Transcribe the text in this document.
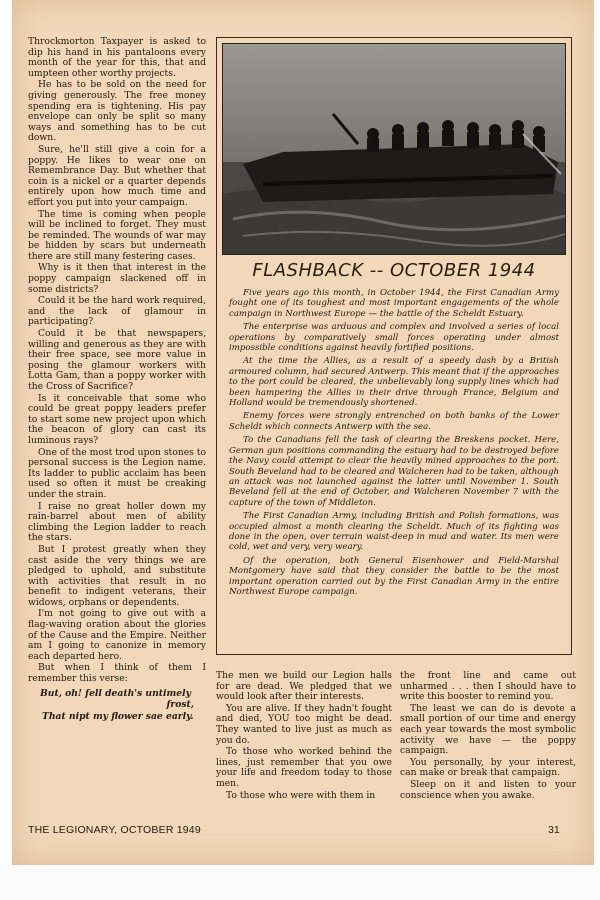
Throckmorton Taxpayer is asked to dip his hand in his pantaloons every month of the year for this, that and umpteen other worthy projects.

He has to be sold on the need for giving generously. The free money spending era is tightening. His pay envelope can only be split so many ways and something has to be cut down.

Sure, he'll still give a coin for a poppy. He likes to wear one on Remembrance Day. But whether that coin is a nickel or a quarter depends entirely upon how much time and effort you put into your campaign.

The time is coming when people will be inclined to forget. They must be reminded. The wounds of war may be hidden by scars but underneath there are still many festering cases.

Why is it then that interest in the poppy campaign slackened off in some districts?

Could it be the hard work required, and the lack of glamour in participating?

Could it be that newspapers, willing and generous as they are with their free space, see more value in posing the glamour workers with Lotta Gam, than a poppy worker with the Cross of Sacrifice?

Is it conceivable that some who could be great poppy leaders prefer to start some new project upon which the beacon of glory can cast its luminous rays?

One of the most trod upon stones to personal success is the Legion name. Its ladder to public acclaim has been used so often it must be creaking under the strain.

I raise no great holler down my rain-barrel about men of ability climbing the Legion ladder to reach the stars.

But I protest greatly when they cast aside the very things we are pledged to uphold, and substitute with activities that result in no benefit to indigent veterans, their widows, orphans or dependents.

I'm not going to give out with a flag-waving oration about the glories of the Cause and the Empire. Neither am I going to canonize in memory each departed hero.

But when I think of them I remember this verse:

But, oh! fell death's untimely
frost,
That nipt my flower sae early.
FLASHBACK -- OCTOBER 1944

Five years ago this month, in October 1944, the First Canadian Army fought one of its toughest and most important engagements of the whole campaign in Northwest Europe — the battle of the Scheldt Estuary.

The enterprise was arduous and complex and involved a series of local operations by comparatively small forces operating under almost impossible conditions against heavily fortified positions.

At the time the Allies, as a result of a speedy dash by a British armoured column, had secured Antwerp. This meant that if the approaches to the port could be cleared, the unbelievably long supply lines which had been hampering the Allies in their drive through France, Belgium and Holland would be tremendously shortened.

Enemy forces were strongly entrenched on both banks of the Lower Scheldt which connects Antwerp with the sea.

To the Canadians fell the task of clearing the Breskens pocket. Here, German gun positions commanding the estuary had to be destroyed before the Navy could attempt to clear the heavily mined approaches to the port. South Beveland had to be cleared and Walcheren had to be taken, although an attack was not launched against the latter until November 1. South Beveland fell at the end of October, and Walcheren November 7 with the capture of the town of Middleton.

The First Canadian Army, including British and Polish formations, was occupied almost a month clearing the Scheldt. Much of its fighting was done in the open, over terrain waist-deep in mud and water. Its men were cold, wet and very, very weary.

Of the operation, both General Eisenhower and Field-Marshal Montgomery have said that they consider the battle to be the most important operation carried out by the First Canadian Army in the entire Northwest Europe campaign.

The men we build our Legion halls for are dead. We pledged that we would look after their interests.

You are alive. If they hadn't fought and died, YOU too might be dead. They wanted to live just as much as you do.

To those who worked behind the lines, just remember that you owe your life and freedom today to those men.

To those who were with them in

the front line and came out unharmed . . . then I should have to write this booster to remind you.

The least we can do is devote a small portion of our time and energy each year towards the most symbolic activity we have — the poppy campaign.

You personally, by your interest, can make or break that campaign.

Sleep on it and listen to your conscience when you awake.

THE LEGIONARY, OCTOBER 1949	31
